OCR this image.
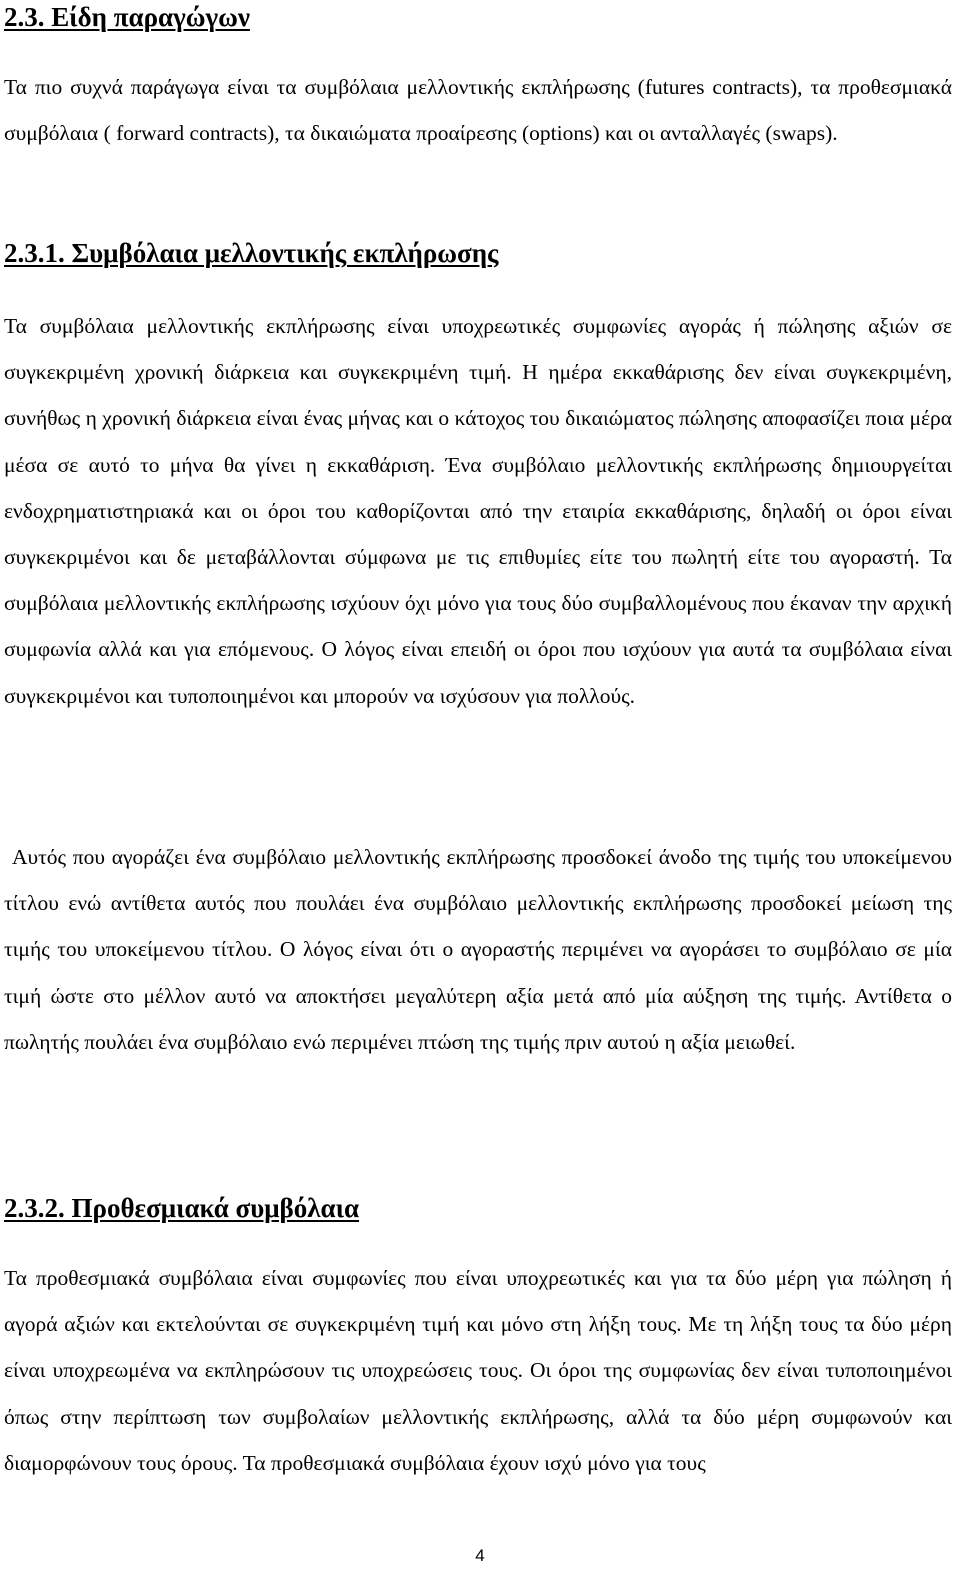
2.3. Είδη παραγώγων

Τα πιο συχνά παράγωγα είναι τα συμβόλαια μελλοντικής εκπλήρωσης (futures contracts), τα προθεσμιακά συμβόλαια ( forward contracts), τα δικαιώματα προαίρεσης (options) και οι ανταλλαγές (swaps).

2.3.1. Συμβόλαια μελλοντικής εκπλήρωσης

Τα συμβόλαια μελλοντικής εκπλήρωσης είναι υποχρεωτικές συμφωνίες αγοράς ή πώλησης αξιών σε συγκεκριμένη χρονική διάρκεια και συγκεκριμένη τιμή. Η ημέρα εκκαθάρισης δεν είναι συγκεκριμένη, συνήθως η χρονική διάρκεια είναι ένας μήνας και ο κάτοχος του δικαιώματος πώλησης αποφασίζει ποια μέρα μέσα σε αυτό το μήνα θα γίνει η εκκαθάριση. Ένα συμβόλαιο μελλοντικής εκπλήρωσης δημιουργείται ενδοχρηματιστηριακά και οι όροι του καθορίζονται από την εταιρία εκκαθάρισης, δηλαδή οι όροι είναι συγκεκριμένοι και δε μεταβάλλονται σύμφωνα με τις επιθυμίες είτε του πωλητή είτε του αγοραστή. Τα συμβόλαια μελλοντικής εκπλήρωσης ισχύουν όχι μόνο για τους δύο συμβαλλομένους που έκαναν την αρχική συμφωνία αλλά και για επόμενους. Ο λόγος είναι επειδή οι όροι που ισχύουν για αυτά τα συμβόλαια είναι συγκεκριμένοι και τυποποιημένοι και μπορούν να ισχύσουν για πολλούς.

Αυτός που αγοράζει ένα συμβόλαιο μελλοντικής εκπλήρωσης προσδοκεί άνοδο της τιμής του υποκείμενου τίτλου ενώ αντίθετα αυτός που πουλάει ένα συμβόλαιο μελλοντικής εκπλήρωσης προσδοκεί μείωση της τιμής του υποκείμενου τίτλου. Ο λόγος είναι ότι ο αγοραστής περιμένει να αγοράσει το συμβόλαιο σε μία τιμή ώστε στο μέλλον αυτό να αποκτήσει μεγαλύτερη αξία μετά από μία αύξηση της τιμής. Αντίθετα ο πωλητής πουλάει ένα συμβόλαιο ενώ περιμένει πτώση της τιμής πριν αυτού η αξία μειωθεί.

2.3.2. Προθεσμιακά συμβόλαια

Τα προθεσμιακά συμβόλαια είναι συμφωνίες που είναι υποχρεωτικές και για τα δύο μέρη για πώληση ή αγορά αξιών και εκτελούνται σε συγκεκριμένη τιμή και μόνο στη λήξη τους. Με τη λήξη τους τα δύο μέρη είναι υποχρεωμένα να εκπληρώσουν τις υποχρεώσεις τους. Οι όροι της συμφωνίας δεν είναι τυποποιημένοι όπως στην περίπτωση των συμβολαίων μελλοντικής εκπλήρωσης, αλλά τα δύο μέρη συμφωνούν και διαμορφώνουν τους όρους. Τα προθεσμιακά συμβόλαια έχουν ισχύ μόνο για τους

4
